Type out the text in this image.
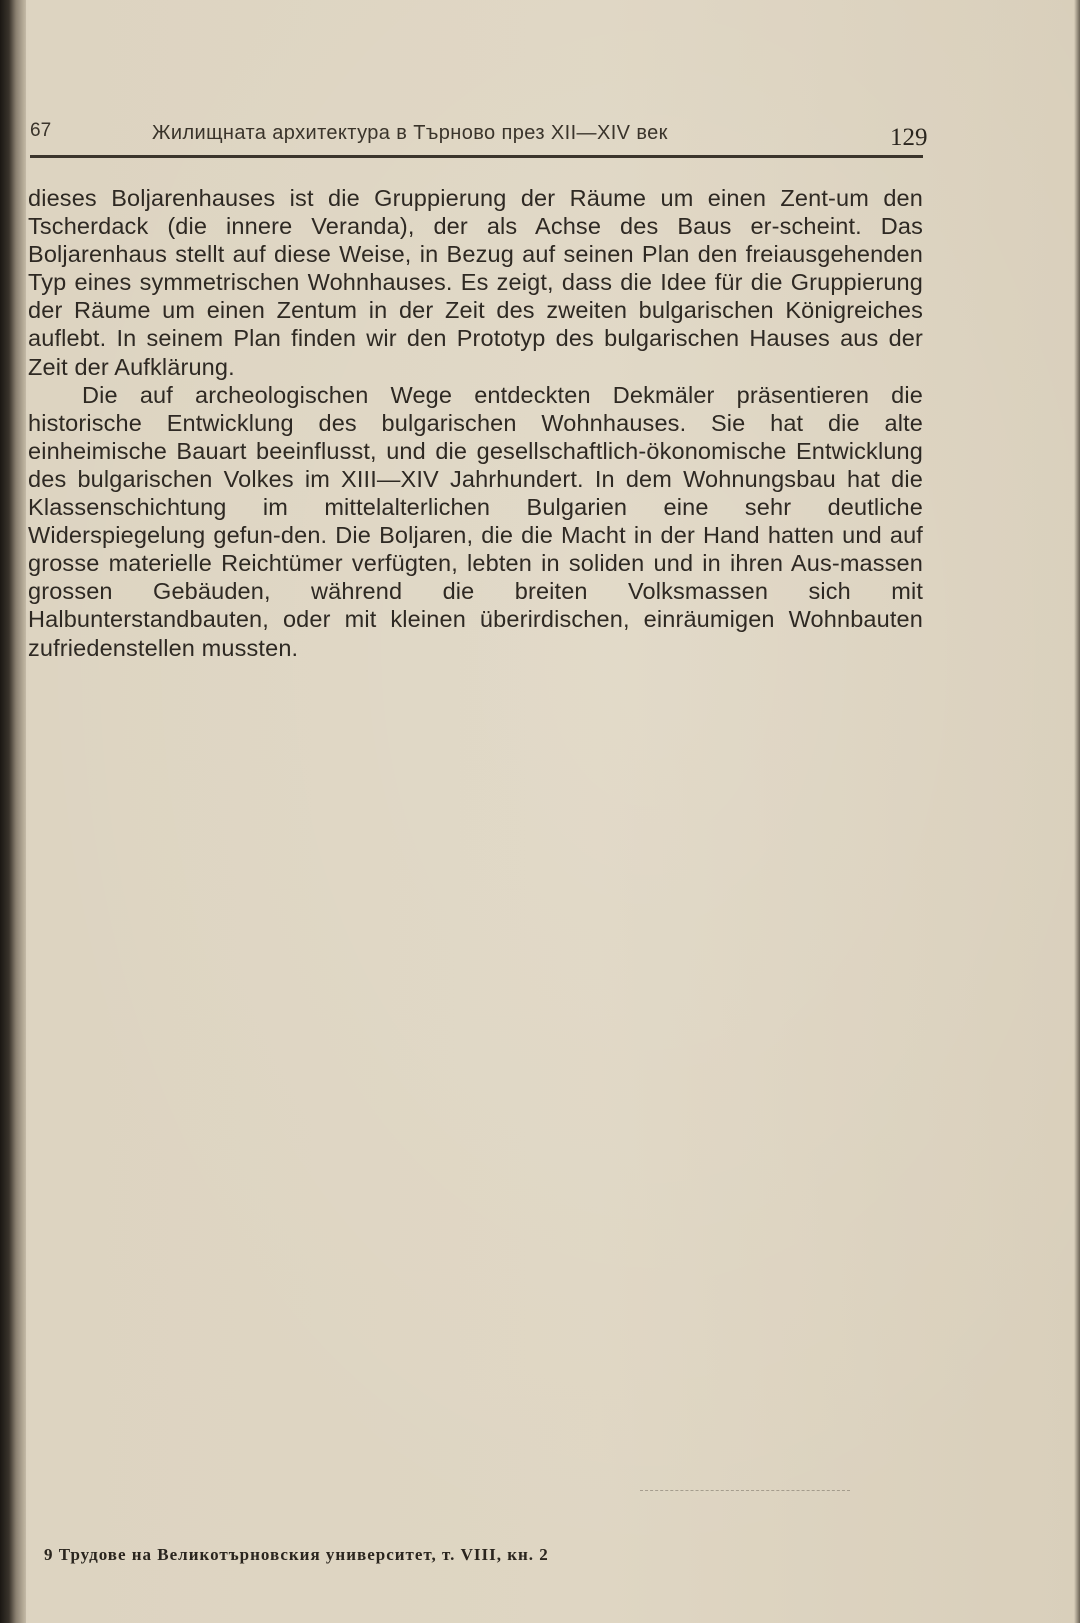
67	Жилищната архитектура в Търново през XII—XIV век	129

dieses Boljarenhauses ist die Gruppierung der Räume um einen Zent-um den Tscherdack (die innere Veranda), der als Achse des Baus er-scheint. Das Boljarenhaus stellt auf diese Weise, in Bezug auf seinen Plan den freiausgehenden Typ eines symmetrischen Wohnhauses. Es zeigt, dass die Idee für die Gruppierung der Räume um einen Zentum in der Zeit des zweiten bulgarischen Königreiches auflebt. In seinem Plan finden wir den Prototyp des bulgarischen Hauses aus der Zeit der Aufklärung.

Die auf archeologischen Wege entdeckten Dekmäler präsentieren die historische Entwicklung des bulgarischen Wohnhauses. Sie hat die alte einheimische Bauart beeinflusst, und die gesellschaftlich-ökonomische Entwicklung des bulgarischen Volkes im XIII—XIV Jahrhundert. In dem Wohnungsbau hat die Klassenschichtung im mittelalterlichen Bulgarien eine sehr deutliche Widerspiegelung gefun-den. Die Boljaren, die die Macht in der Hand hatten und auf grosse materielle Reichtümer verfügten, lebten in soliden und in ihren Aus-massen grossen Gebäuden, während die breiten Volksmassen sich mit Halbunterstandbauten, oder mit kleinen überirdischen, einräumigen Wohnbauten zufriedenstellen mussten.

9 Трудове на Великотърновския университет, т. VIII, кн. 2
